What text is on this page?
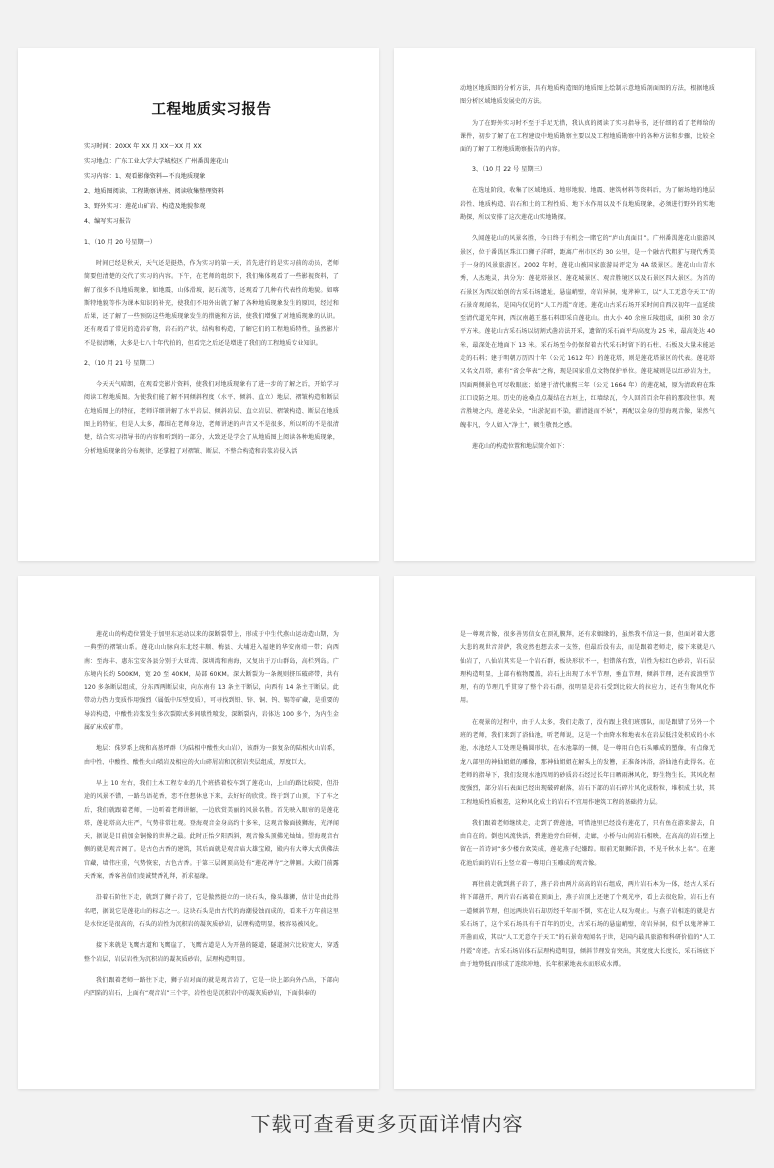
工程地质实习报告

实习时间：20XX 年 XX 月 XX－XX 月 XX

实习地点：广东工业大学大学城校区 广州番禺莲花山

实习内容：1、观看影像资料—不良地质现象

2、地质图阅读、工程勘察讲座、阅读收集整理资料

3、野外实习：莲花山矿岩、构造及地貌参观

4、编写实习报告

1、（10 月 20 号星期一）

时间已经是秋天，天气还是挺热，作为实习的第一天，首先进行的是实习前的动员，老师简要但清楚的交代了实习的内容。下午，在老师的组织下，我们集体观看了一些影视资料，了解了很多不良地质现象，如地震，山体滑坡，泥石流等，还观看了几种有代表性的地貌。如喀斯特地貌等作为课本知识的补充，使我们不用外出就了解了各种地质现象发生的原因，经过和后果，还了解了一些预防这些地质现象发生的措施和方法，使我们增强了对地质现象的认识。还有观看了常见的造岩矿物，岩石的产状，结构和构造，了解它们的工程地质特性，虽然影片不是很清晰，大多是七八十年代拍的，但看完之后还是增进了我们的工程地质专业知识。

2、（10 月 21 号 星期二）

今天天气晴朗，在观看完影片资料，使我们对地质现象有了进一步的了解之后，开始学习阅读工程地质图。为使我们能了解不同倾斜程度（水平、倾斜、直立）地层、褶皱构造和断层在地质图上的特征，老师详细讲解了水平岩层、倾斜岩层、直立岩层、褶皱构造、断层在地质图上的特征，但是人太多，都围在老师身边，老师讲述的声音又不是很多，所以听的不是很清楚，结合实习指导书的内容和听到的一部分，大致还是学会了从地质图上阅读各种地质现象，分析地质现象的分布规律，还掌握了对褶皱、断层、不整合构造和岩浆岩侵入活

动地区地质图的分析方法，具有地质构造图的地质图上绘制示意地质剖面图的方法，根据地质图分析区域地质发展史的方法。

为了在野外实习时不至于手足无措，我认真的阅读了实习指导书，还仔细的看了老师给的课件，初步了解了在工程建设中地质勘察主要以及工程地质勘察中的各种方法和步骤，比较全面的了解了工程地质勘察报告的内容。

3、（10 月 22 号 星期三）

在选址阶段，收集了区域地质、地形地貌、地震、建筑材料等资料后，为了解场地的地层岩性、地质构造、岩石和土的工程性质、地下水作用以及不良地质现象，必须进行野外的实地勘探，所以安排了这次莲花山实地勘探。

久闻莲花山的风景名胜，今日终于有机会一睹它的“庐山真面目”。广州番禺莲花山旅游风景区，位于番禺区珠江口狮子洋畔，距离广州市区约 30 公里，是一个融古代粗犷与现代秀美于一身的风景旅游区。2002 年时，莲花山被国家旅游局评定为 4A 级景区。莲花山山青水秀，人杰地灵，共分为：莲花塔景区、莲花城景区、观音胜境区以及石景区四大景区。为首的石景区为西汉始创的古采石场遗址，悬崖峭壁，奇岩异洞，鬼斧神工，以“人工无意夺天工”的石景奇观闻名，是国内仅见的“人工丹霞”奇迹。莲花山古采石场开采时间自西汉初年一直延续至清代道光年间，西汉南越王墓石料即采自莲花山。由大小 40 余座丘陵组成，面积 30 余万平方米。莲花山古采石场以切割式凿岩法开采，遗留的采石面平均高度为 25 米，最高处达 40 米，最深处在地面下 13 米。采石场至今仍保留着古代采石时留下的石柱、石板及大量未能运走的石料；建于明朝万历四十年（公元 1612 年）的莲花塔，则是莲花塔景区的代表。莲花塔又名文昌塔，素有“省会华表”之称，现是国家重点文物保护单位。莲花城则是以红砂岩为主，四面两侧景色可尽收眼底；始建于清代康熙三年（公元 1664 年）的莲花城，原为清政府在珠江口设防之用。历史的沧桑点点凝结在古垣上，红墙绿瓦，令人回首百余年前的那段往事。观音胜境之内，莲花朵朵，“出淤泥而不染，濯清涟而不妖”，再配以金身的望海观音像，果然气魄非凡，令人如入“净土”，顿生敬畏之感。

莲花山的构造位置和地层简介如下：

莲花山的构造位置处于加里东运动以来的深断裂带上，形成于中生代燕山运动造山期，为一典型的褶皱山系。莲花山山脉向东北经丰顺、梅县、大埔进入福建的华安南靖一带；向西南：至海丰、惠东宝安各县分别于大亚湾、深圳湾和南海，又复出于万山群岛，高栏列岛。广东境内长约 500KM，宽 20 至 40KM，局部 60KM。深大断裂为一条规则挤压破碎带，共有 120 多条断层组成，分东西两断层束，向东南有 13 条主干断层，向西有 14 条主干断层。此带动力热力变质作用强烈（属低中压型变质），可寻找到铅、锌、铜、钨、锡等矿藏，是重要的导岩构造，中酸性岩浆发生多次裂隙式多间歇性喷发，深断裂内，岩体达 100 多个，为内生金属矿床成矿带。

地层：侏罗系上统和高基坪群（为陆相中酸性火山岩），该群为一套复杂的陆相火山岩系，由中性、中酸性、酸性火山喷岩及相应的火山碎屑岩和沉积岩夹层组成，厚度巨大。

早上 10 左右，我们土木工程专业的几个班搭着校车到了莲花山，上山的路比较陡，但沿途的风景不错，一路鸟语花香，恋不住想休息下来，去好好的欣赏。终于到了山顶，下了车之后，我们就跟着老师，一边听着老师讲解，一边欣赏美丽的风景名胜。首先映入眼帘的是莲花塔，莲花塔高大庄严，气势非常壮观。登海观音金身高约十多米，这观音像面披狮海，光泽闻天，据说是目前加金铜像的世界之最。此时正怡夕阳西斜，观音像头顶佛光灿灿。望海观音右侧的就是观音阁了。是古色古香的建筑，其后面就是观音庙大雄宝殿，殿内有大尊大式供佛法宫藏，墙伟庄重，气势恢宏，古色古香。于第三层阁顶高处有“莲花禅寺”之牌匾。大殿门前露天香案，香客善信们虔诚焚香礼拜，祈求福缘。

沿着石阶往下走，就到了狮子岩了，它是傲然挺立的一块石头，像头雄狮，估计是由此得名吧，据说它是莲花山的标志之一。这块石头是由古代的海潮侵蚀而成的，看来千万年前这里是水位还是很高的，石头的岩性为沉积岩的凝灰质砂岩，层理构造明显，极容易被风化。

接下来就是飞鹰古道和飞鹰崖了，飞鹰古道是人为开凿的隧道，隧道洞穴比较宽大，穿透整个岩层，岩层岩性为沉积岩的凝灰质砂岩，层理构造明显。

我们跟着老师一路往下走，狮子岩对面的就是观音岩了，它是一块上部向外凸出，下部向内凹陷的岩石，上面有“观音岩”三个字，岩性也是沉积岩中的凝灰质砂岩，下面供奉的

是一尊观音像，很多善男信女在顶礼膜拜，还有求姻缘的，虽然我不信这一套，但面对着大慈大悲的观世音菩萨，我竟然也想去求一支签，但最后没有去，而是跟着老师走，接下来就是八仙岩了，八仙岩其实是一个岩石群，板块形状不一，但错落有致，岩性为棕红色砂岩，岩石层理构造明显，上部有植物覆盖，岩石上出现了水平节理，垂直节理，倾斜节理，还有波浪型节理，有的节理几乎贯穿了整个岩石群，很明显是岩石受到比较大的拉应力，还有生物风化作用。

在观景的过程中，由于人太多，我们走散了，没有跟上我们班那队，而是跟错了另外一个班的老师，我们来到了浴仙池，听老师说，这是一个由降水和地表水在岩层低洼处积成的小水池，水池经人工处理是椭圆形状，在水池靠的一侧，是一尊用白色石头雕成的塑像，有点像无龙八部里的神仙姐姐的雕像，那神仙姐姐在解头上的发簪，正准备沐浴，浴仙池有此得名。在老师的指导下，我们发现水池四周的砂质岩石经过长年日晒雨淋风化，野生物生长，其风化程度强烈，部分岩石表面已经出现破碎耐落，岩石下部的岩石碎片风化成粉粒，堆积成土状，其工程地质性质极差，这种风化成土的岩石不宜用作建筑工程的基础持力层。

我们跟着老师继续走，走到了碧莲池，可惜池里已经没有莲花了，只有鱼在游来游去，自由自在的。倒也风流快活，碧莲池旁台矸树，走廊，小桥与山间岩石相映，在高高的岩石壁上留在一首诗词“多少楼台欢笑成，莲花燕子纪嫌踪。眼前无限狮洋浪，不见千秋水上名”。在莲花池后面的岩石上竖立着一尊用白玉雕成的观音像。

再往前走就到燕子岩了，燕子岩由两片高高的岩石组成，两片岩石本为一体，经古人采石将下部凿开，两片岩石离着在顶面上，燕子岩顶上还建了个观光亭，看上去很危险，岩石上有一道倾斜节理，但远两块岩石却历经千年而不倒，实在让人叹为观止。与燕子岩相连的就是古采石场了，这个采石场具有千百年的历史，古采石场的悬崖峭壁，奇岩异洞，似乎以鬼斧神工开凿而成，其以“人工无意夺于天工”的石景奇观闻名于世，是国内最具旅游和科研价值的“人工丹霞”奇迹。古采石场岩体石层理构造明显，倾斜节理发育突出，其宽度大长度长，采石场底下由于地势低而形成了连续冲地、长年积累地表水而形成水潭。

下载可查看更多页面详情内容
